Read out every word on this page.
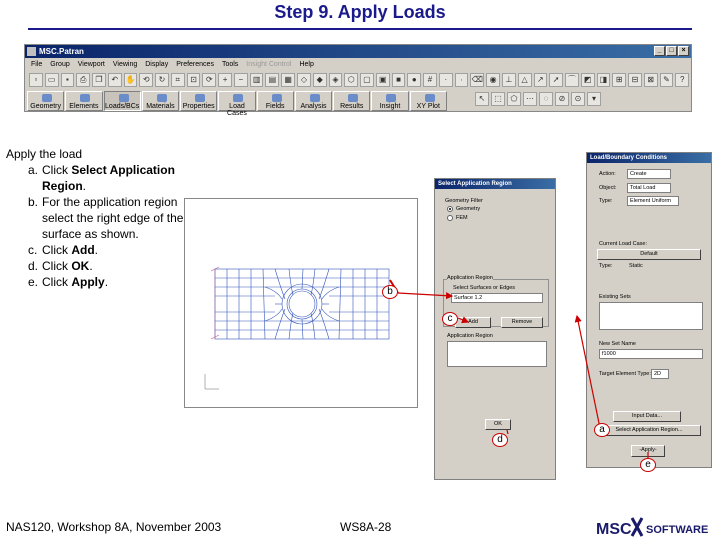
Step 9. Apply Loads
MSC.Patran	_	□	×
File Group Viewport Viewing Display Preferences Tools Insight Control Help
▫	▭	▪	⎙	❐	↶ ✋ ⟲	↻	⌗	⊡	⟳	+	−	▥	▤	▦	◇	◆	◈	⬡	▢	▣	■	●	#	·	∙	⌫ ◉	⊥	△	↗	➚	⌒ ◩	◨	⊞	⊟	⊠	✎	?
Geometry	Elements Loads/BCs Materials	Properties	Load Cases
Fields	Analysis	Results	Insight	XY Plot
↖	⬚	⬠	⋯	◌	⊘	⊙	▾
Apply the load
a. Click Select Application Region.
b. For the application region select the right edge of the surface as shown.
c. Click Add.
d. Click OK.
e. Click Apply.
Select Application Region
Geometry Filter
Geometry
FEM
Application Region
Select Surfaces or Edges
Surface 1.2
Add	Remove
Application Region
OK
Load/Boundary Conditions
Action:	Create
Object:	Total Load
Type:	Element Uniform
Current Load Case:
Default
Type:	Static
Existing Sets
New Set Name
f1000
Target Element Type: 2D
Input Data...
Select Application Region...
-Apply-
b
c
d
a
e
NAS120, Workshop 8A, November 2003	WS8A-28	MSC SOFTWARE
